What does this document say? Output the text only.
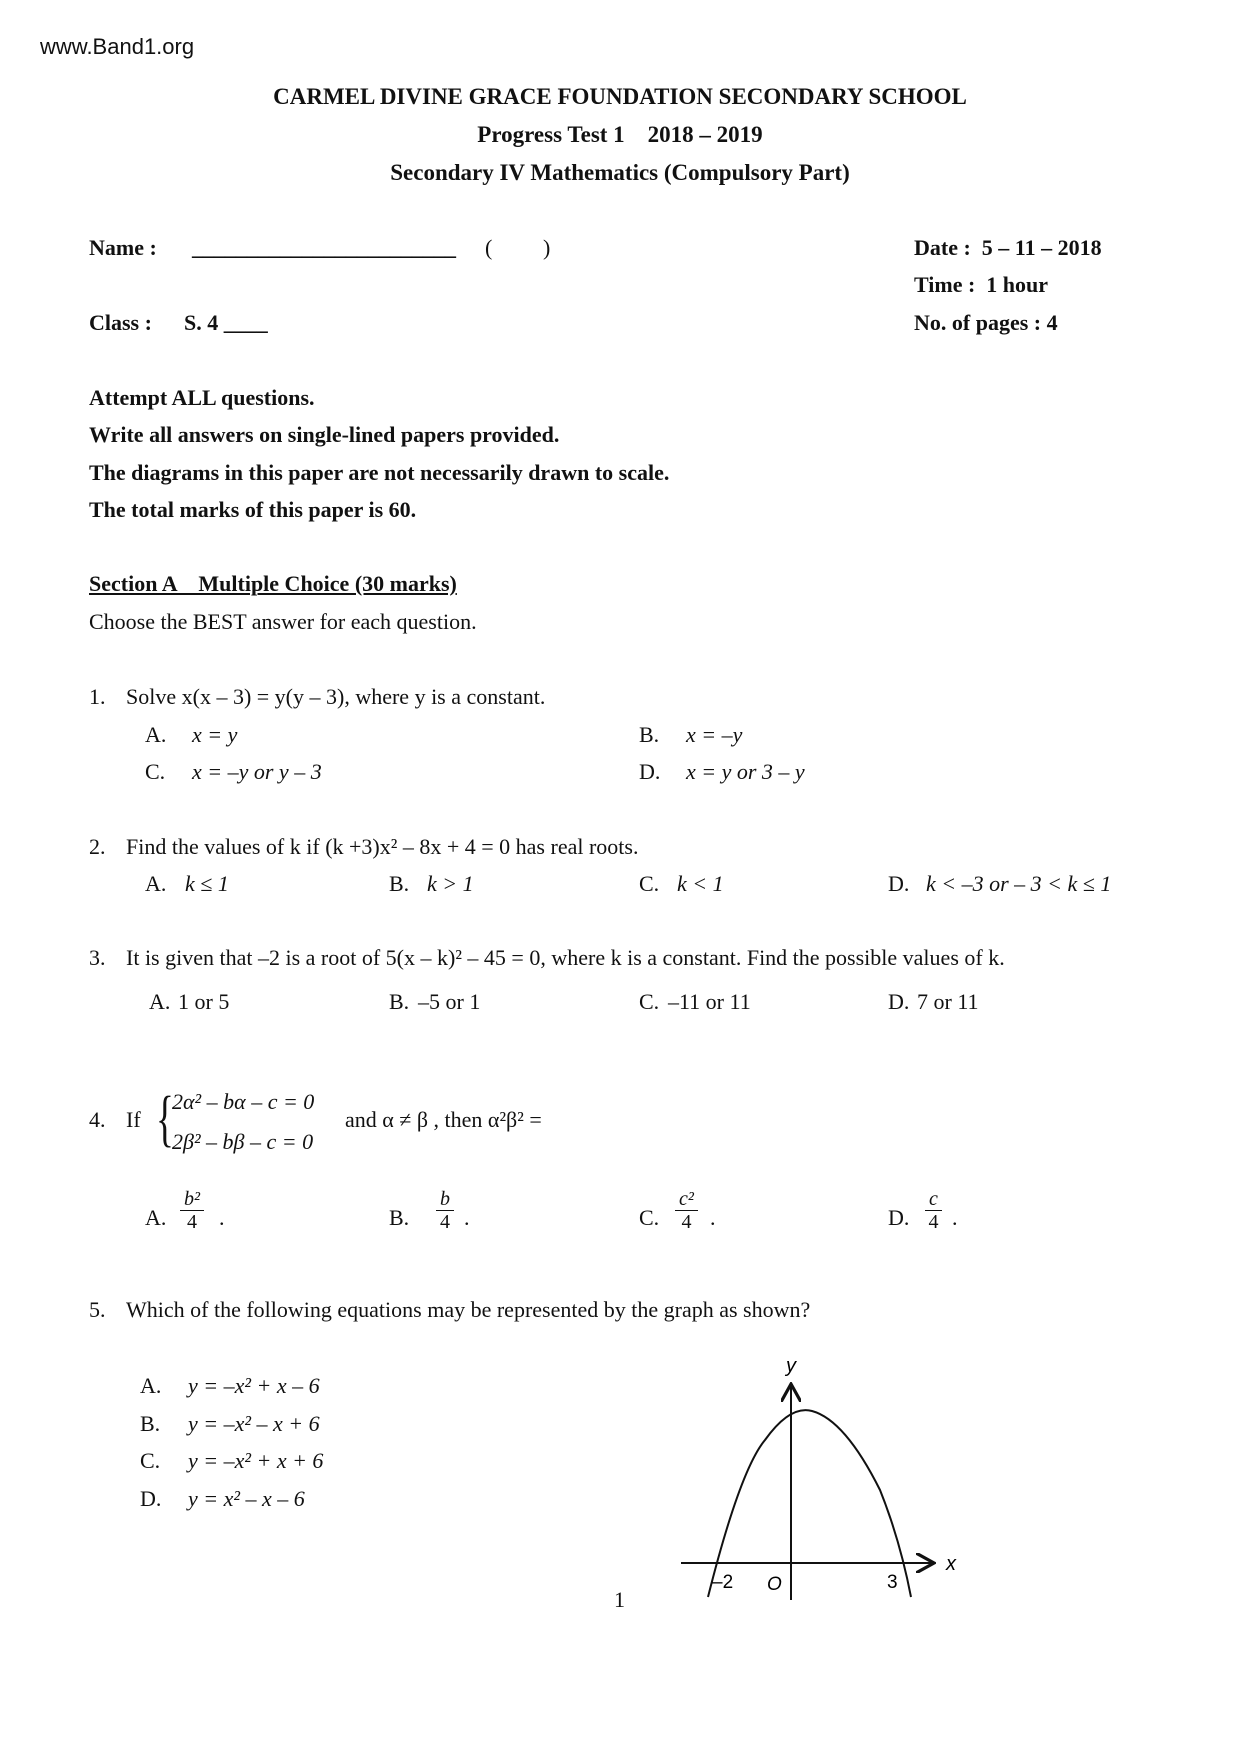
www.Band1.org
CARMEL DIVINE GRACE FOUNDATION SECONDARY SCHOOL
Progress Test 1    2018 – 2019
Secondary IV Mathematics (Compulsory Part)
Name : ________________________ ( )	Date :  5 – 11 – 2018
Time :  1 hour
Class : S. 4 ____	No. of pages : 4
Attempt ALL questions.
Write all answers on single-lined papers provided.
The diagrams in this paper are not necessarily drawn to scale.
The total marks of this paper is 60.
Section A    Multiple Choice (30 marks)
Choose the BEST answer for each question.
1. Solve x(x – 3) = y(y – 3), where y is a constant.
A. x = y	B. x = –y
C. x = –y or y – 3	D. x = y or 3 – y
2. Find the values of k if (k +3)x² – 8x + 4 = 0 has real roots.
A. k ≤ 1	B. k > 1	C. k < 1	D. k < –3 or – 3 < k ≤ 1
3. It is given that –2 is a root of 5(x – k)² – 45 = 0, where k is a constant. Find the possible values of k.
A. 1 or 5	B. –5 or 1	C. –11 or 11	D. 7 or 11
4. If {
2α² – bα – c = 0
2β² – bβ – c = 0
and α ≠ β , then α²β² =
A. $\frac{\text{b²}}{4}$ .	B. $\frac{b}{4}$ .	C. $\frac{\text{c²}}{4}$ .	D. $\frac{c}{4}$ .
5. Which of the following equations may be represented by the graph as shown?
A. y = –x² + x – 6
B. y = –x² – x + 6
C. y = –x² + x + 6
D. y = x² – x – 6
y
x
–2 O	3
1
